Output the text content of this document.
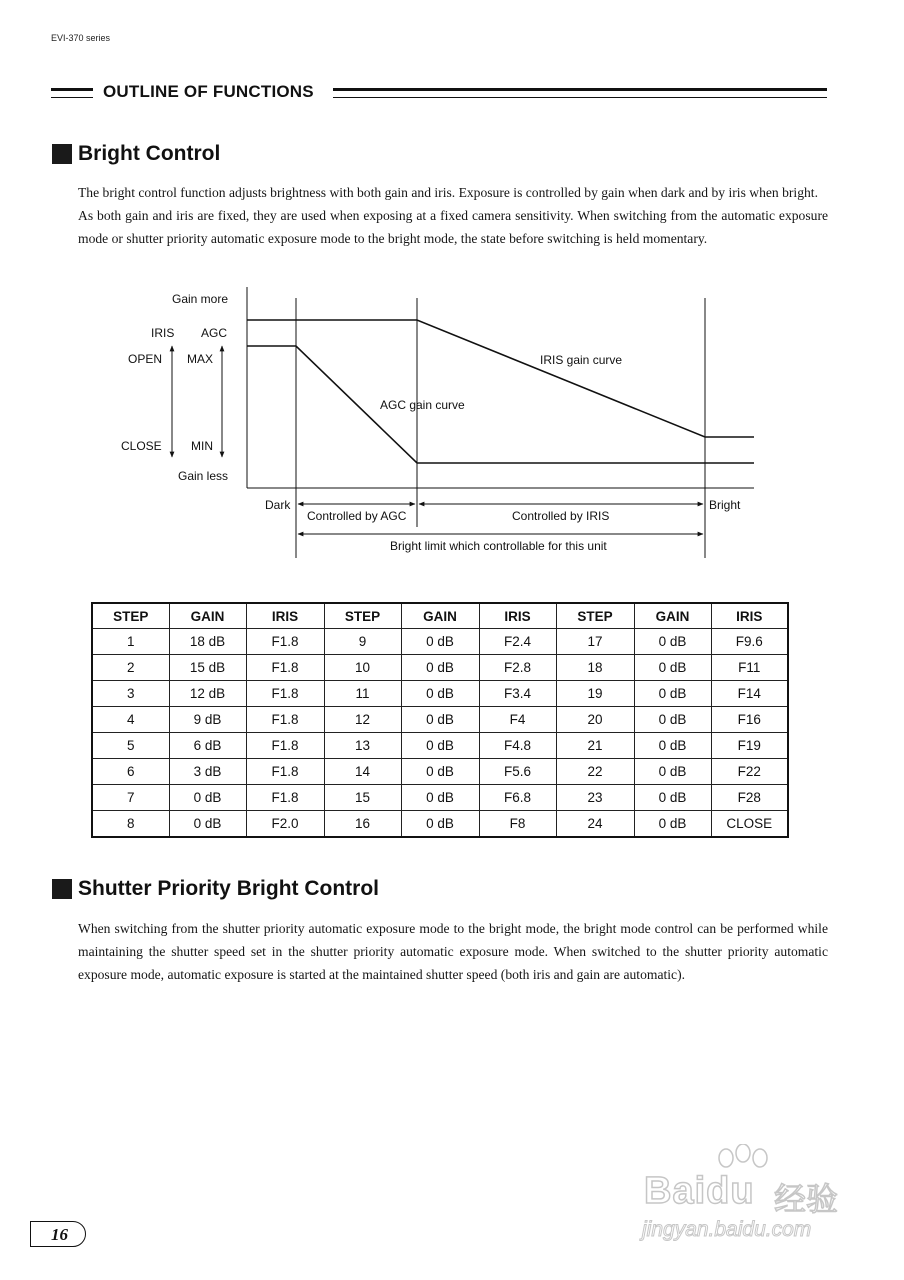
EVI-370 series
OUTLINE OF FUNCTIONS
Bright Control

The bright control function adjusts brightness with both gain and iris. Exposure is controlled by gain when dark and by iris when bright.

As both gain and iris are fixed, they are used when exposing at a fixed camera sensitivity. When switching from the automatic exposure mode or shutter priority automatic exposure mode to the bright mode, the state before switching is held momentary.

Gain more
IRIS AGC
OPEN MAX
CLOSE MIN
Gain less
AGC gain curve
IRIS gain curve
Dark	Bright
Controlled by AGC	Controlled by IRIS
Bright limit which controllable for this unit
STEP	GAIN	IRIS	STEP	GAIN	IRIS	STEP	GAIN	IRIS
1	18 dB	F1.8	9	0 dB	F2.4	17	0 dB	F9.6
2	15 dB	F1.8	10	0 dB	F2.8	18	0 dB	F11
3	12 dB	F1.8	11	0 dB	F3.4	19	0 dB	F14
4	9 dB	F1.8	12	0 dB	F4	20	0 dB	F16
5	6 dB	F1.8	13	0 dB	F4.8	21	0 dB	F19
6	3 dB	F1.8	14	0 dB	F5.6	22	0 dB	F22
7	0 dB	F1.8	15	0 dB	F6.8	23	0 dB	F28
8	0 dB	F2.0	16	0 dB	F8	24	0 dB	CLOSE
Shutter Priority Bright Control

When switching from the shutter priority automatic exposure mode to the bright mode, the bright mode control can be performed while maintaining the shutter speed set in the shutter priority automatic exposure mode. When switched to the shutter priority automatic exposure mode, automatic exposure is started at the maintained shutter speed (both iris and gain are automatic).

16
Baidu 经验
jingyan.baidu.com
